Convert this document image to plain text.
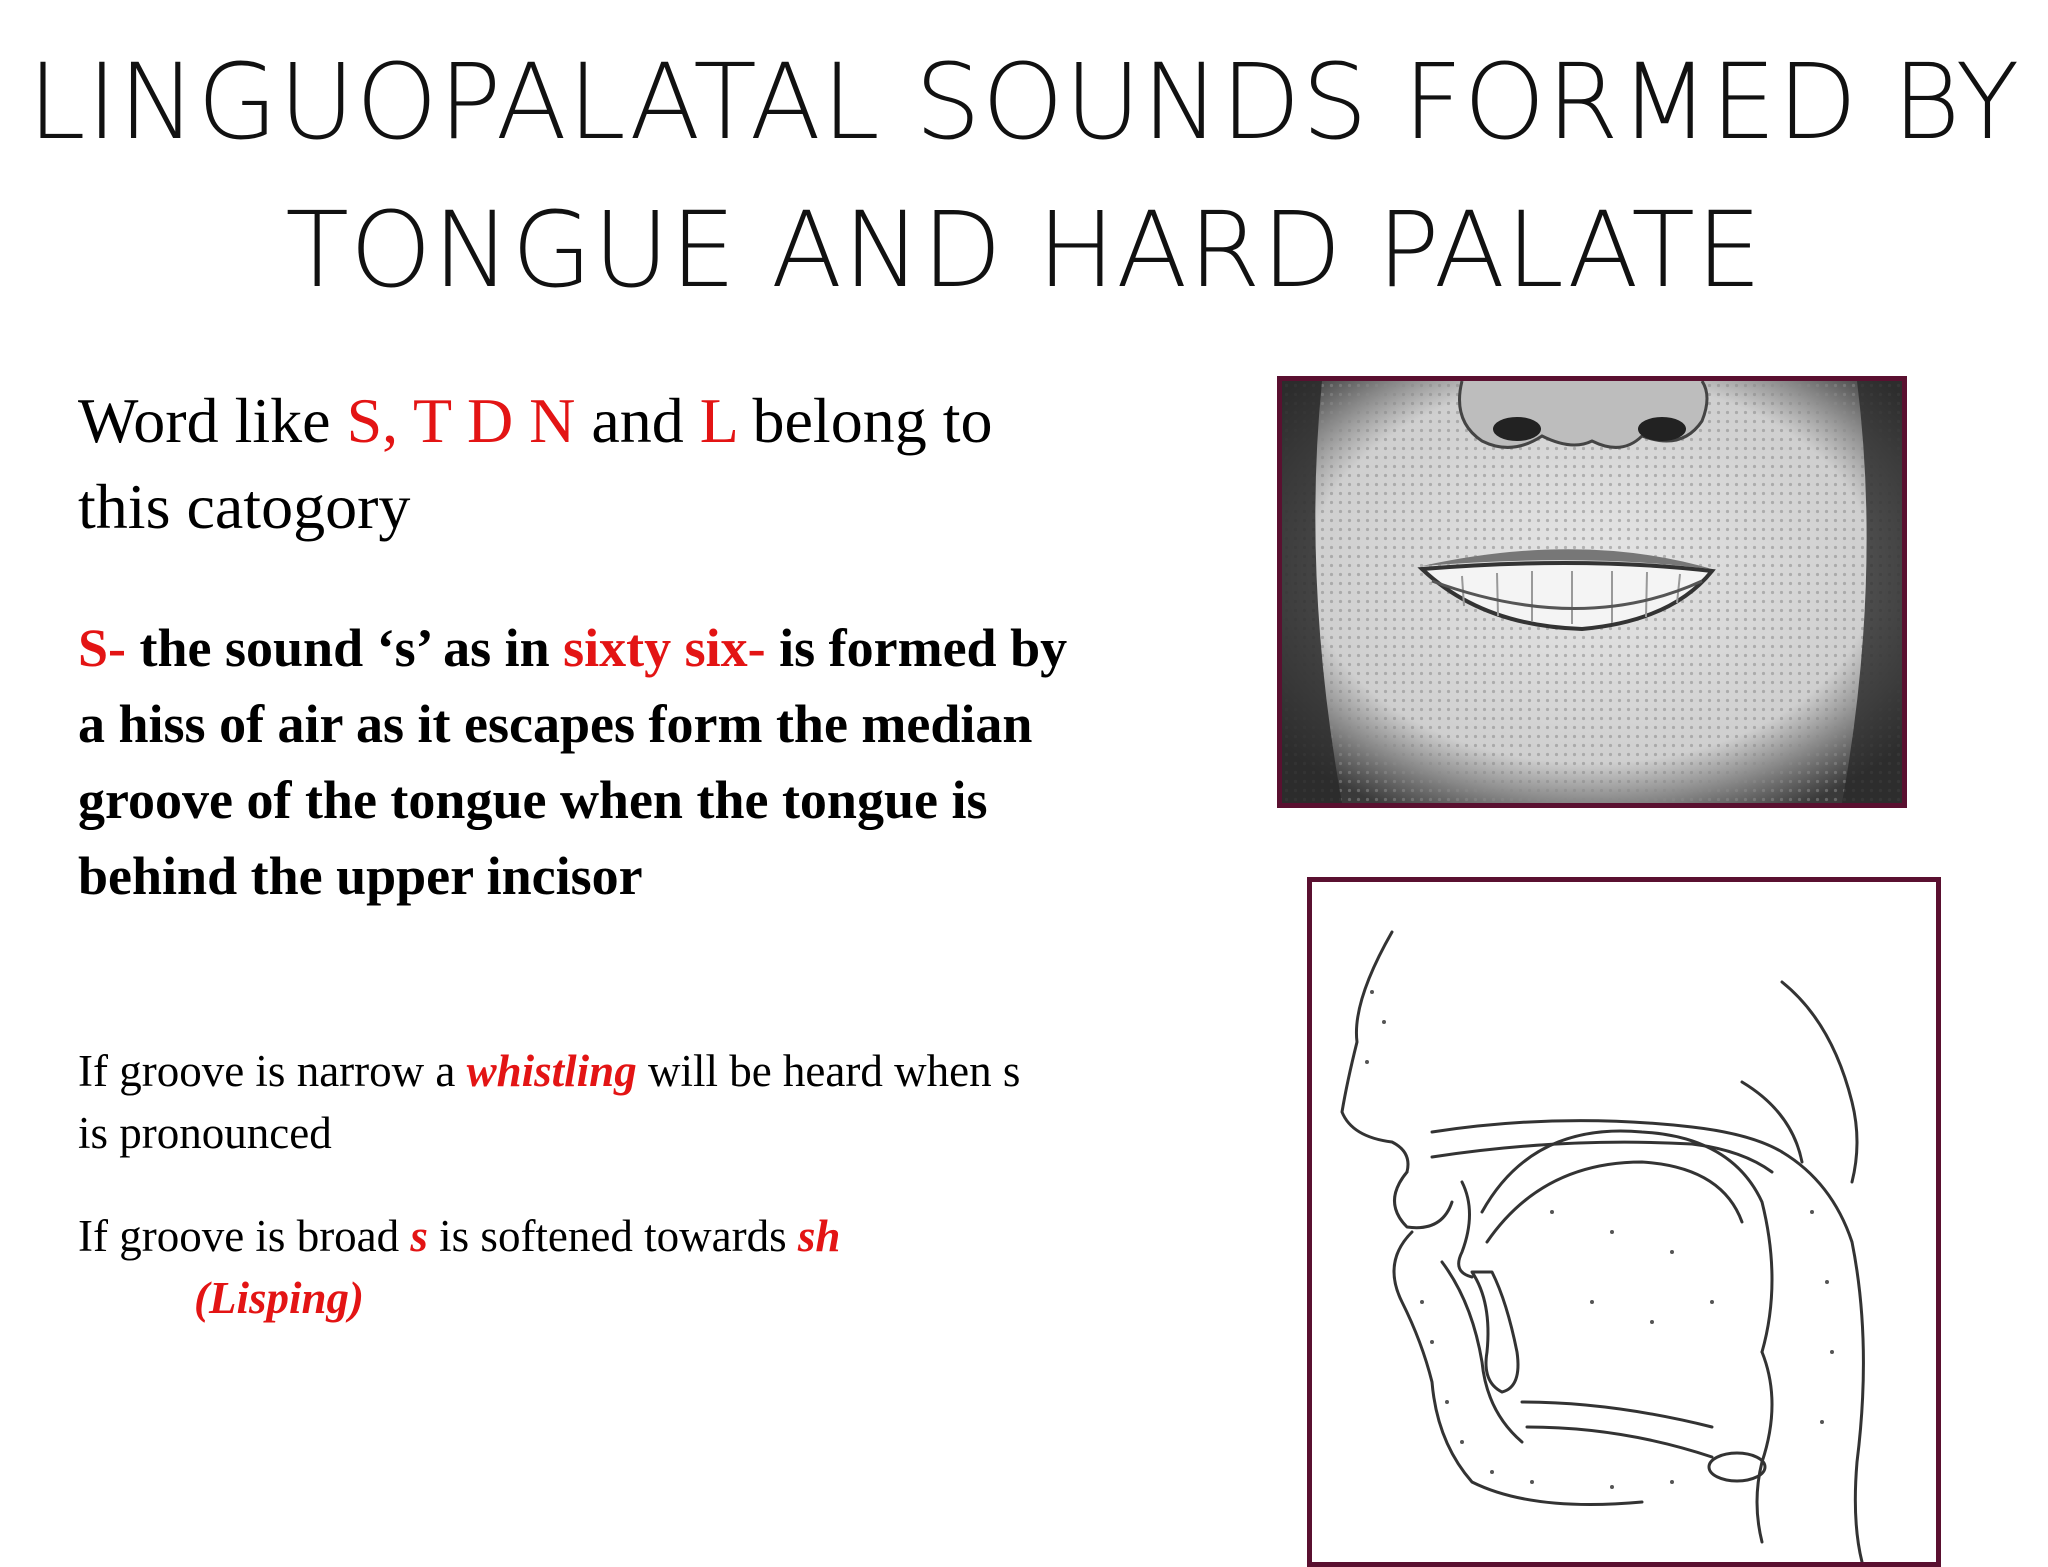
LINGUOPALATAL SOUNDS FORMED BY
TONGUE AND HARD PALATE
Word like S, T D N and L belong to this catogory
S- the sound ‘s’ as in sixty six- is formed by a hiss of air as it escapes form the median groove of the tongue when the tongue is behind the upper incisor
If groove is narrow a whistling will be heard when s is pronounced
If groove is broad s is softened towards sh
(Lisping)
